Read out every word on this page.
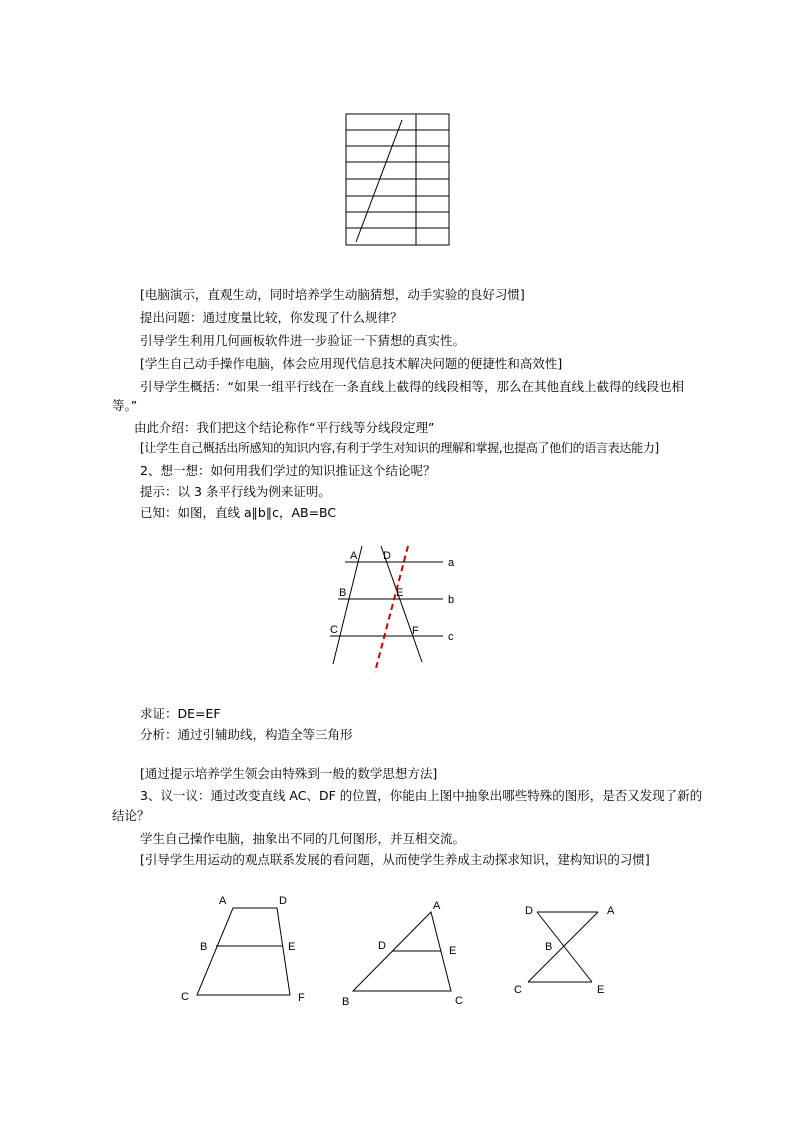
[电脑演示，直观生动，同时培养学生动脑猜想，动手实验的良好习惯]
提出问题：通过度量比较，你发现了什么规律？
引导学生利用几何画板软件进一步验证一下猜想的真实性。
[学生自己动手操作电脑，体会应用现代信息技术解决问题的便捷性和高效性]
引导学生概括：“如果一组平行线在一条直线上截得的线段相等，那么在其他直线上截得的线段也相
等。”
由此介绍：我们把这个结论称作“平行线等分线段定理”
[让学生自己概括出所感知的知识内容,有利于学生对知识的理解和掌握,也提高了他们的语言表达能力]
2、想一想：如何用我们学过的知识推证这个结论呢？
提示：以 3 条平行线为例来证明。
已知：如图，直线 a∥b∥c，AB=BC
A D
B	E
C	F
a
b
c
求证：DE=EF
分析：通过引辅助线，构造全等三角形
[通过提示培养学生领会由特殊到一般的数学思想方法]
3、议一议：通过改变直线 AC、DF 的位置，你能由上图中抽象出哪些特殊的图形，是否又发现了新的
结论？
学生自己操作电脑，抽象出不同的几何图形，并互相交流。
[引导学生用运动的观点联系发展的看问题，从而使学生养成主动探求知识，建构知识的习惯]
A	D
B	E
C	F
A
D	E
B	C
D	A
B
C	E
